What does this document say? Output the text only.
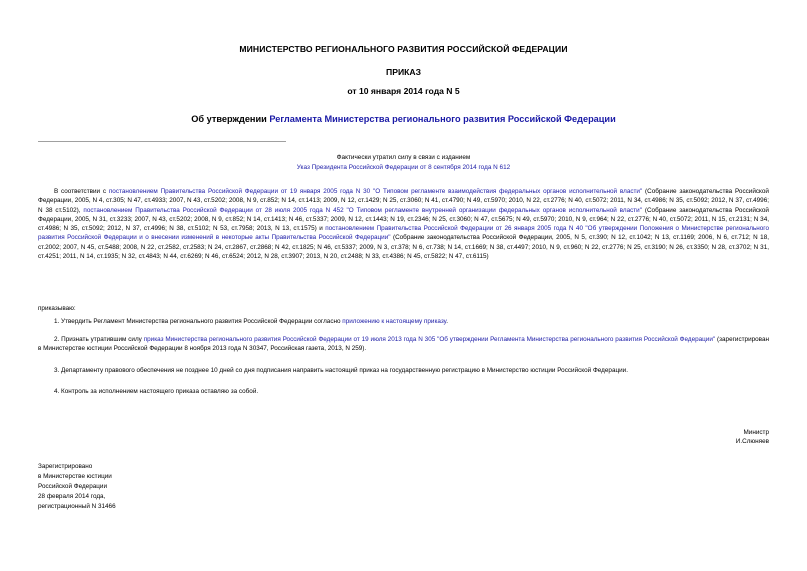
МИНИСТЕРСТВО РЕГИОНАЛЬНОГО РАЗВИТИЯ РОССИЙСКОЙ ФЕДЕРАЦИИ
ПРИКАЗ
от 10 января 2014 года N 5
Об утверждении Регламента Министерства регионального развития Российской Федерации
Фактически утратил силу в связи с изданием
Указ Президента Российской Федерации от 8 сентября 2014 года N 612
В соответствии с постановлением Правительства Российской Федерации от 19 января 2005 года N 30 "О Типовом регламенте взаимодействия федеральных органов исполнительной власти" (Собрание законодательства Российской Федерации, 2005, N 4, ст.305; N 47, ст.4933; 2007, N 43, ст.5202; 2008, N 9, ст.852; N 14, ст.1413; 2009, N 12, ст.1429; N 25, ст.3060; N 41, ст.4790; N 49, ст.5970; 2010, N 22, ст.2776; N 40, ст.5072; 2011, N 34, ст.4986; N 35, ст.5092; 2012, N 37, ст.4996; N 38 ст.5102), постановлением Правительства Российской Федерации от 28 июля 2005 года N 452 "О Типовом регламенте внутренней организации федеральных органов исполнительной власти" (Собрание законодательства Российской Федерации, 2005, N 31, ст.3233; 2007, N 43, ст.5202; 2008, N 9, ст.852; N 14, ст.1413; N 46, ст.5337; 2009, N 12, ст.1443; N 19, ст.2346; N 25, ст.3060; N 47, ст.5675; N 49, ст.5970; 2010, N 9, ст.964; N 22, ст.2776; N 40, ст.5072; 2011, N 15, ст.2131; N 34, ст.4986; N 35, ст.5092; 2012, N 37, ст.4996; N 38, ст.5102; N 53, ст.7958; 2013, N 13, ст.1575) и постановлением Правительства Российской Федерации от 26 января 2005 года N 40 "Об утверждении Положения о Министерстве регионального развития Российской Федерации и о внесении изменений в некоторые акты Правительства Российской Федерации" (Собрание законодательства Российской Федерации, 2005, N 5, ст.390; N 12, ст.1042; N 13, ст.1169; 2006, N 6, ст.712; N 18, ст.2002; 2007, N 45, ст.5488; 2008, N 22, ст.2582, ст.2583; N 24, ст.2867, ст.2868; N 42, ст.1825; N 46, ст.5337; 2009, N 3, ст.378; N 6, ст.738; N 14, ст.1669; N 38, ст.4497; 2010, N 9, ст.960; N 22, ст.2776; N 25, ст.3190; N 26, ст.3350; N 28, ст.3702; N 31, ст.4251; 2011, N 14, ст.1935; N 32, ст.4843; N 44, ст.6269; N 46, ст.6524; 2012, N 28, ст.3907; 2013, N 20, ст.2488; N 33, ст.4386; N 45, ст.5822; N 47, ст.6115)
приказываю:
1. Утвердить Регламент Министерства регионального развития Российской Федерации согласно приложению к настоящему приказу.
2. Признать утратившим силу приказ Министерства регионального развития Российской Федерации от 19 июля 2013 года N 305 "Об утверждении Регламента Министерства регионального развития Российской Федерации" (зарегистрирован в Министерстве юстиции Российской Федерации 8 ноября 2013 года N 30347, Российская газета, 2013, N 259).
3. Департаменту правового обеспечения не позднее 10 дней со дня подписания направить настоящий приказ на государственную регистрацию в Министерство юстиции Российской Федерации.
4. Контроль за исполнением настоящего приказа оставляю за собой.
Министр
И.Слюняев
Зарегистрировано
в Министерстве юстиции
Российской Федерации
28 февраля 2014 года,
регистрационный N 31466
